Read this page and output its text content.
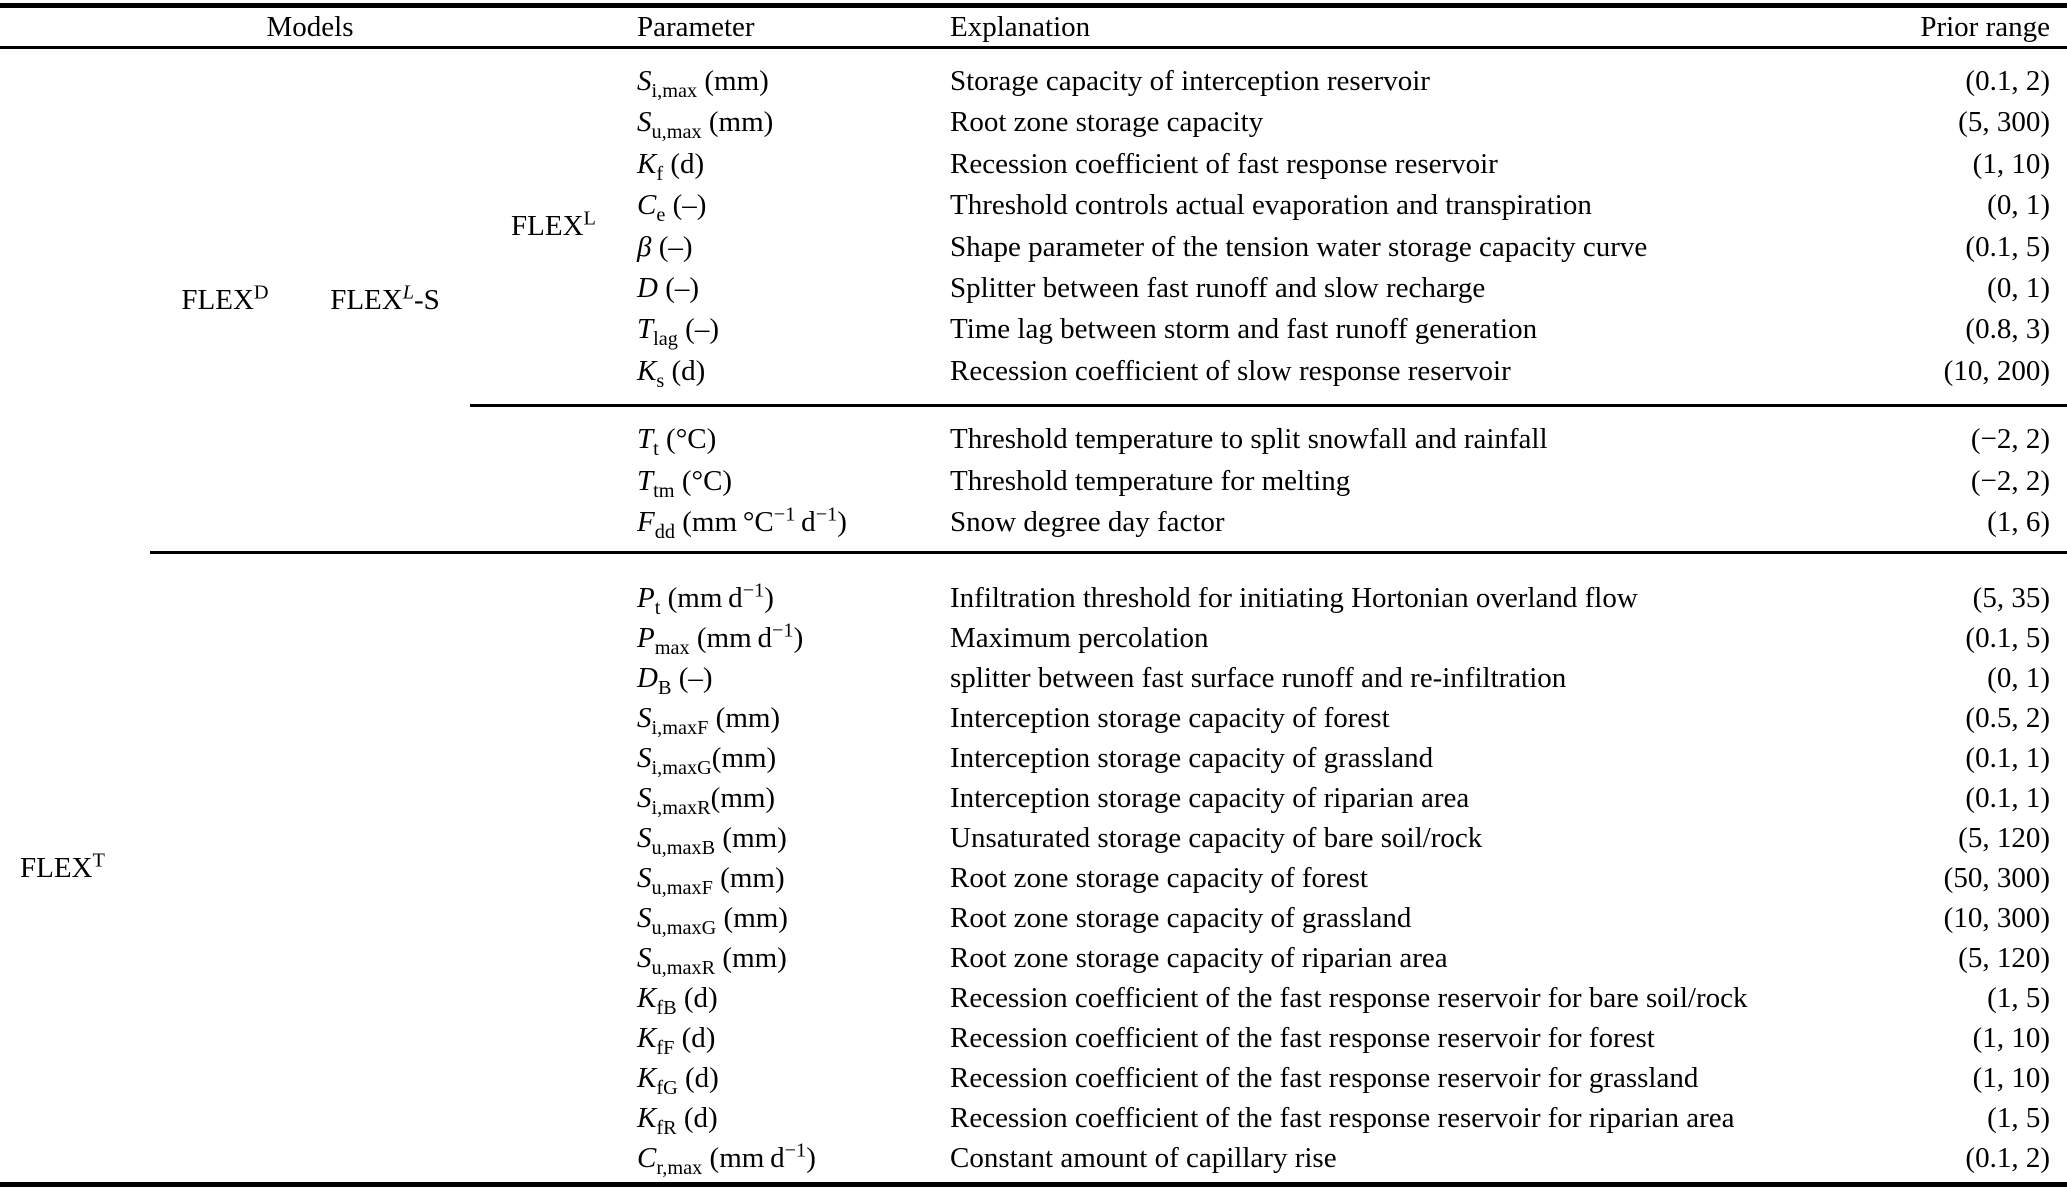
	Models			Parameter	Explanation	Prior range
	$FLEX^D$	$FLEX^L-S$	$FLEX^L$	$S_{i,max}$ (mm)	Storage capacity of interception reservoir	(0.1, 2)
				$S_{u,max}$ (mm)	Root zone storage capacity	(5, 300)
				$K_f$ (d)	Recession coefficient of fast response reservoir	(1, 10)
				$C_e$ (–)	Threshold controls actual evaporation and transpiration	(0, 1)
				β (–)	Shape parameter of the tension water storage capacity curve	(0.1, 5)
				D (–)	Splitter between fast runoff and slow recharge	(0, 1)
				$T_{lag}$ (–)	Time lag between storm and fast runoff generation	(0.8, 3)
				$K_s$ (d)	Recession coefficient of slow response reservoir	(10, 200)
				$T_t$ (°C)	Threshold temperature to split snowfall and rainfall	(−2, 2)
				$T_{tm}$ (°C)	Threshold temperature for melting	(−2, 2)
				$F_{dd}$ (mm $^\circ C^{-1}$ $d^{-1}$)	Snow degree day factor	(1, 6)
$FLEX^T$				$P_t$ (mm $d^{-1}$)	Infiltration threshold for initiating Hortonian overland flow	(5, 35)
				$P_{max}$ (mm $d^{-1}$)	Maximum percolation	(0.1, 5)
				$D_B$ (–)	splitter between fast surface runoff and re-infiltration	(0, 1)
				$S_{i,maxF}$ (mm)	Interception storage capacity of forest	(0.5, 2)
				$S_{i,maxG}(mm)$	Interception storage capacity of grassland	(0.1, 1)
				$S_{i,maxR}(mm)$	Interception storage capacity of riparian area	(0.1, 1)
				$S_{u,maxB}$ (mm)	Unsaturated storage capacity of bare soil/rock	(5, 120)
				$S_{u,maxF}$ (mm)	Root zone storage capacity of forest	(50, 300)
				$S_{u,maxG}$ (mm)	Root zone storage capacity of grassland	(10, 300)
				$S_{u,maxR}$ (mm)	Root zone storage capacity of riparian area	(5, 120)
				$K_{fB}$ (d)	Recession coefficient of the fast response reservoir for bare soil/rock	(1, 5)
				$K_{fF}$ (d)	Recession coefficient of the fast response reservoir for forest	(1, 10)
				$K_{fG}$ (d)	Recession coefficient of the fast response reservoir for grassland	(1, 10)
				$K_{fR}$ (d)	Recession coefficient of the fast response reservoir for riparian area	(1, 5)
				$C_{r,max}$ (mm $d^{-1}$)	Constant amount of capillary rise	(0.1, 2)
